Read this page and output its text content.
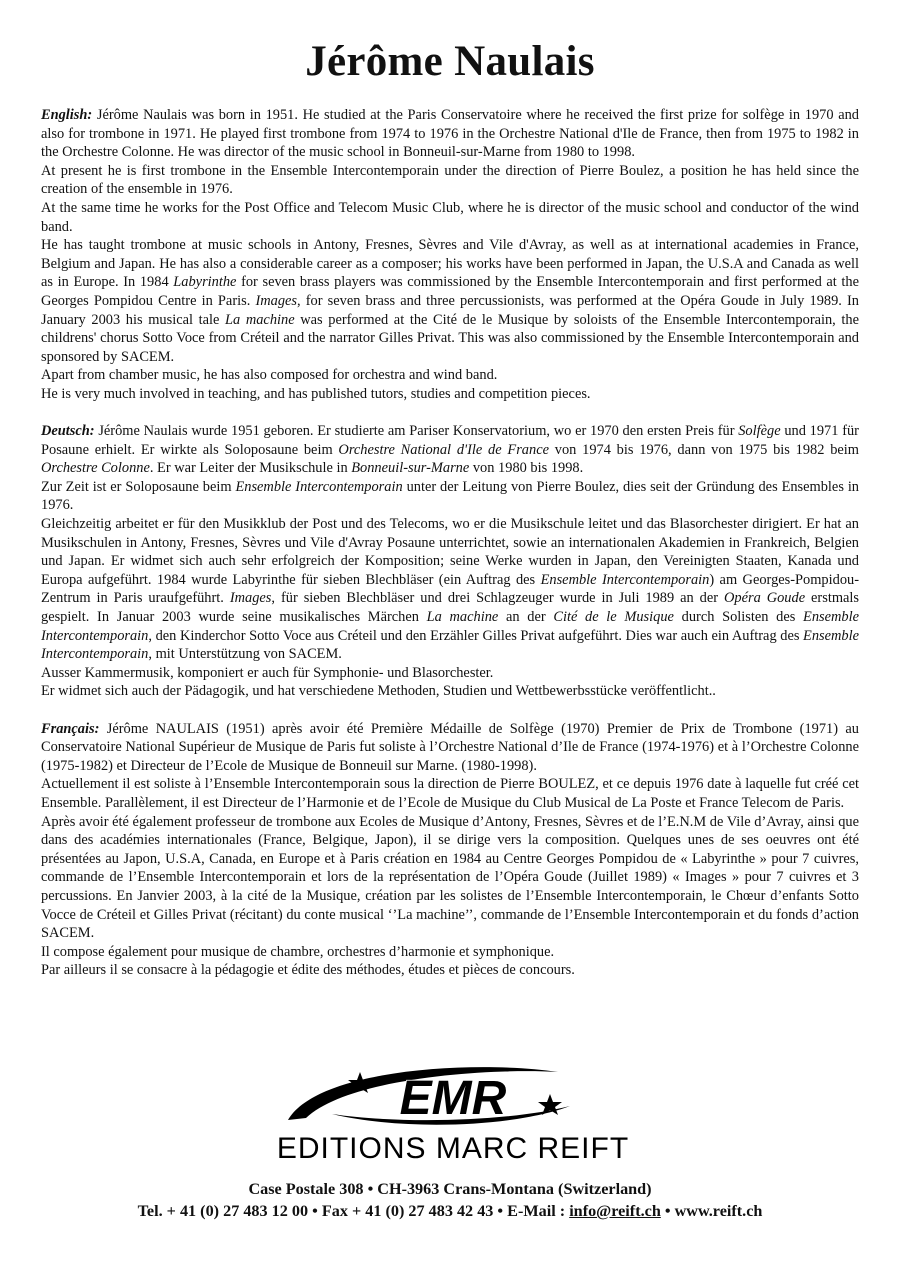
Jérôme Naulais

English: Jérôme Naulais was born in 1951. He studied at the Paris Conservatoire where he received the first prize for solfège in 1970 and also for trombone in 1971. He played first trombone from 1974 to 1976 in the Orchestre National d'Ile de France, then from 1975 to 1982 in the Orchestre Colonne. He was director of the music school in Bonneuil-sur-Marne from 1980 to 1998.

At present he is first trombone in the Ensemble Intercontemporain under the direction of Pierre Boulez, a position he has held since the creation of the ensemble in 1976.

At the same time he works for the Post Office and Telecom Music Club, where he is director of the music school and conductor of the wind band.

He has taught trombone at music schools in Antony, Fresnes, Sèvres and Vile d'Avray, as well as at international academies in France, Belgium and Japan. He has also a considerable career as a composer; his works have been performed in Japan, the U.S.A and Canada as well as in Europe. In 1984 Labyrinthe for seven brass players was commissioned by the Ensemble Intercontemporain and first performed at the Georges Pompidou Centre in Paris. Images, for seven brass and three percussionists, was performed at the Opéra Goude in July 1989. In January 2003 his musical tale La machine was performed at the Cité de le Musique by soloists of the Ensemble Intercontemporain, the childrens' chorus Sotto Voce from Créteil and the narrator Gilles Privat. This was also commissioned by the Ensemble Intercontemporain and sponsored by SACEM.

Apart from chamber music, he has also composed for orchestra and wind band.

He is very much involved in teaching, and has published tutors, studies and competition pieces.

Deutsch: Jérôme Naulais wurde 1951 geboren. Er studierte am Pariser Konservatorium, wo er 1970 den ersten Preis für Solfège und 1971 für Posaune erhielt. Er wirkte als Soloposaune beim Orchestre National d'Ile de France von 1974 bis 1976, dann von 1975 bis 1982 beim Orchestre Colonne. Er war Leiter der Musikschule in Bonneuil-sur-Marne von 1980 bis 1998.

Zur Zeit ist er Soloposaune beim Ensemble Intercontemporain unter der Leitung von Pierre Boulez, dies seit der Gründung des Ensembles in 1976.

Gleichzeitig arbeitet er für den Musikklub der Post und des Telecoms, wo er die Musikschule leitet und das Blasorchester dirigiert. Er hat an Musikschulen in Antony, Fresnes, Sèvres und Vile d'Avray Posaune unterrichtet, sowie an internationalen Akademien in Frankreich, Belgien und Japan. Er widmet sich auch sehr erfolgreich der Komposition; seine Werke wurden in Japan, den Vereinigten Staaten, Kanada und Europa aufgeführt. 1984 wurde Labyrinthe für sieben Blechbläser (ein Auftrag des Ensemble Intercontemporain) am Georges-Pompidou-Zentrum in Paris uraufgeführt. Images, für sieben Blechbläser und drei Schlagzeuger wurde in Juli 1989 an der Opéra Goude erstmals gespielt. In Januar 2003 wurde seine musikalisches Märchen La machine an der Cité de le Musique durch Solisten des Ensemble Intercontemporain, den Kinderchor Sotto Voce aus Créteil und den Erzähler Gilles Privat aufgeführt. Dies war auch ein Auftrag des Ensemble Intercontemporain, mit Unterstützung von SACEM.

Ausser Kammermusik, komponiert er auch für Symphonie- und Blasorchester.

Er widmet sich auch der Pädagogik, und hat verschiedene Methoden, Studien und Wettbewerbsstücke veröffentlicht..

Français: Jérôme NAULAIS (1951) après avoir été Première Médaille de Solfège (1970) Premier de Prix de Trombone (1971) au Conservatoire National Supérieur de Musique de Paris fut soliste à l’Orchestre National d’Ile de France (1974-1976) et à l’Orchestre Colonne (1975-1982) et Directeur de l’Ecole de Musique de Bonneuil sur Marne. (1980-1998).

Actuellement il est soliste à l’Ensemble Intercontemporain sous la direction de Pierre BOULEZ, et ce depuis 1976 date à laquelle fut créé cet Ensemble. Parallèlement, il est Directeur de l’Harmonie et de l’Ecole de Musique du Club Musical de La Poste et France Telecom de Paris.

Après avoir été également professeur de trombone aux Ecoles de Musique d’Antony, Fresnes, Sèvres et de l’E.N.M de Vile d’Avray, ainsi que dans des académies internationales (France, Belgique, Japon), il se dirige vers la composition. Quelques unes de ses oeuvres ont été présentées au Japon, U.S.A, Canada, en Europe et à Paris création en 1984 au Centre Georges Pompidou de « Labyrinthe » pour 7 cuivres, commande de l’Ensemble Intercontemporain et lors de la représentation de l’Opéra Goude (Juillet 1989) « Images » pour 7 cuivres et 3 percussions. En Janvier 2003, à la cité de la Musique, création par les solistes de l’Ensemble Intercontemporain, le Chœur d’enfants Sotto Vocce de Créteil et Gilles Privat (récitant) du conte musical ‘’La machine’’, commande de l’Ensemble Intercontemporain et du fonds d’action SACEM.

Il compose également pour musique de chambre, orchestres d’harmonie et symphonique.

Par ailleurs il se consacre à la pédagogie et édite des méthodes, études et pièces de concours.

EMR
EDITIONS MARC REIFT
Case Postale 308 • CH-3963 Crans-Montana (Switzerland)
Tel. + 41 (0) 27 483 12 00 • Fax + 41 (0) 27 483 42 43 • E-Mail : info@reift.ch • www.reift.ch
